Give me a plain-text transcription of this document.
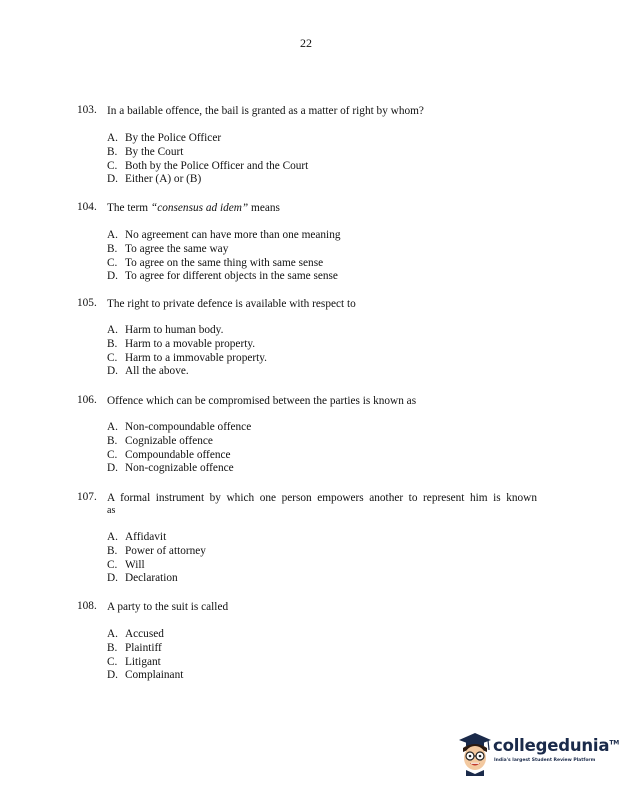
22
103. In a bailable offence, the bail is granted as a matter of right by whom?
A. By the Police Officer
B. By the Court
C. Both by the Police Officer and the Court
D. Either (A) or (B)
104. The term “consensus ad idem” means
A. No agreement can have more than one meaning
B. To agree the same way
C. To agree on the same thing with same sense
D. To agree for different objects in the same sense
105. The right to private defence is available with respect to
A. Harm to human body.
B. Harm to a movable property.
C. Harm to a immovable property.
D. All the above.
106. Offence which can be compromised between the parties is known as
A. Non-compoundable offence
B. Cognizable offence
C. Compoundable offence
D. Non-cognizable offence
107. A formal instrument by which one person empowers another to represent him is known
as
A. Affidavit
B. Power of attorney
C. Will
D. Declaration
108. A party to the suit is called
A. Accused
B. Plaintiff
C. Litigant
D. Complainant
collegedunia™
India's largest Student Review Platform
